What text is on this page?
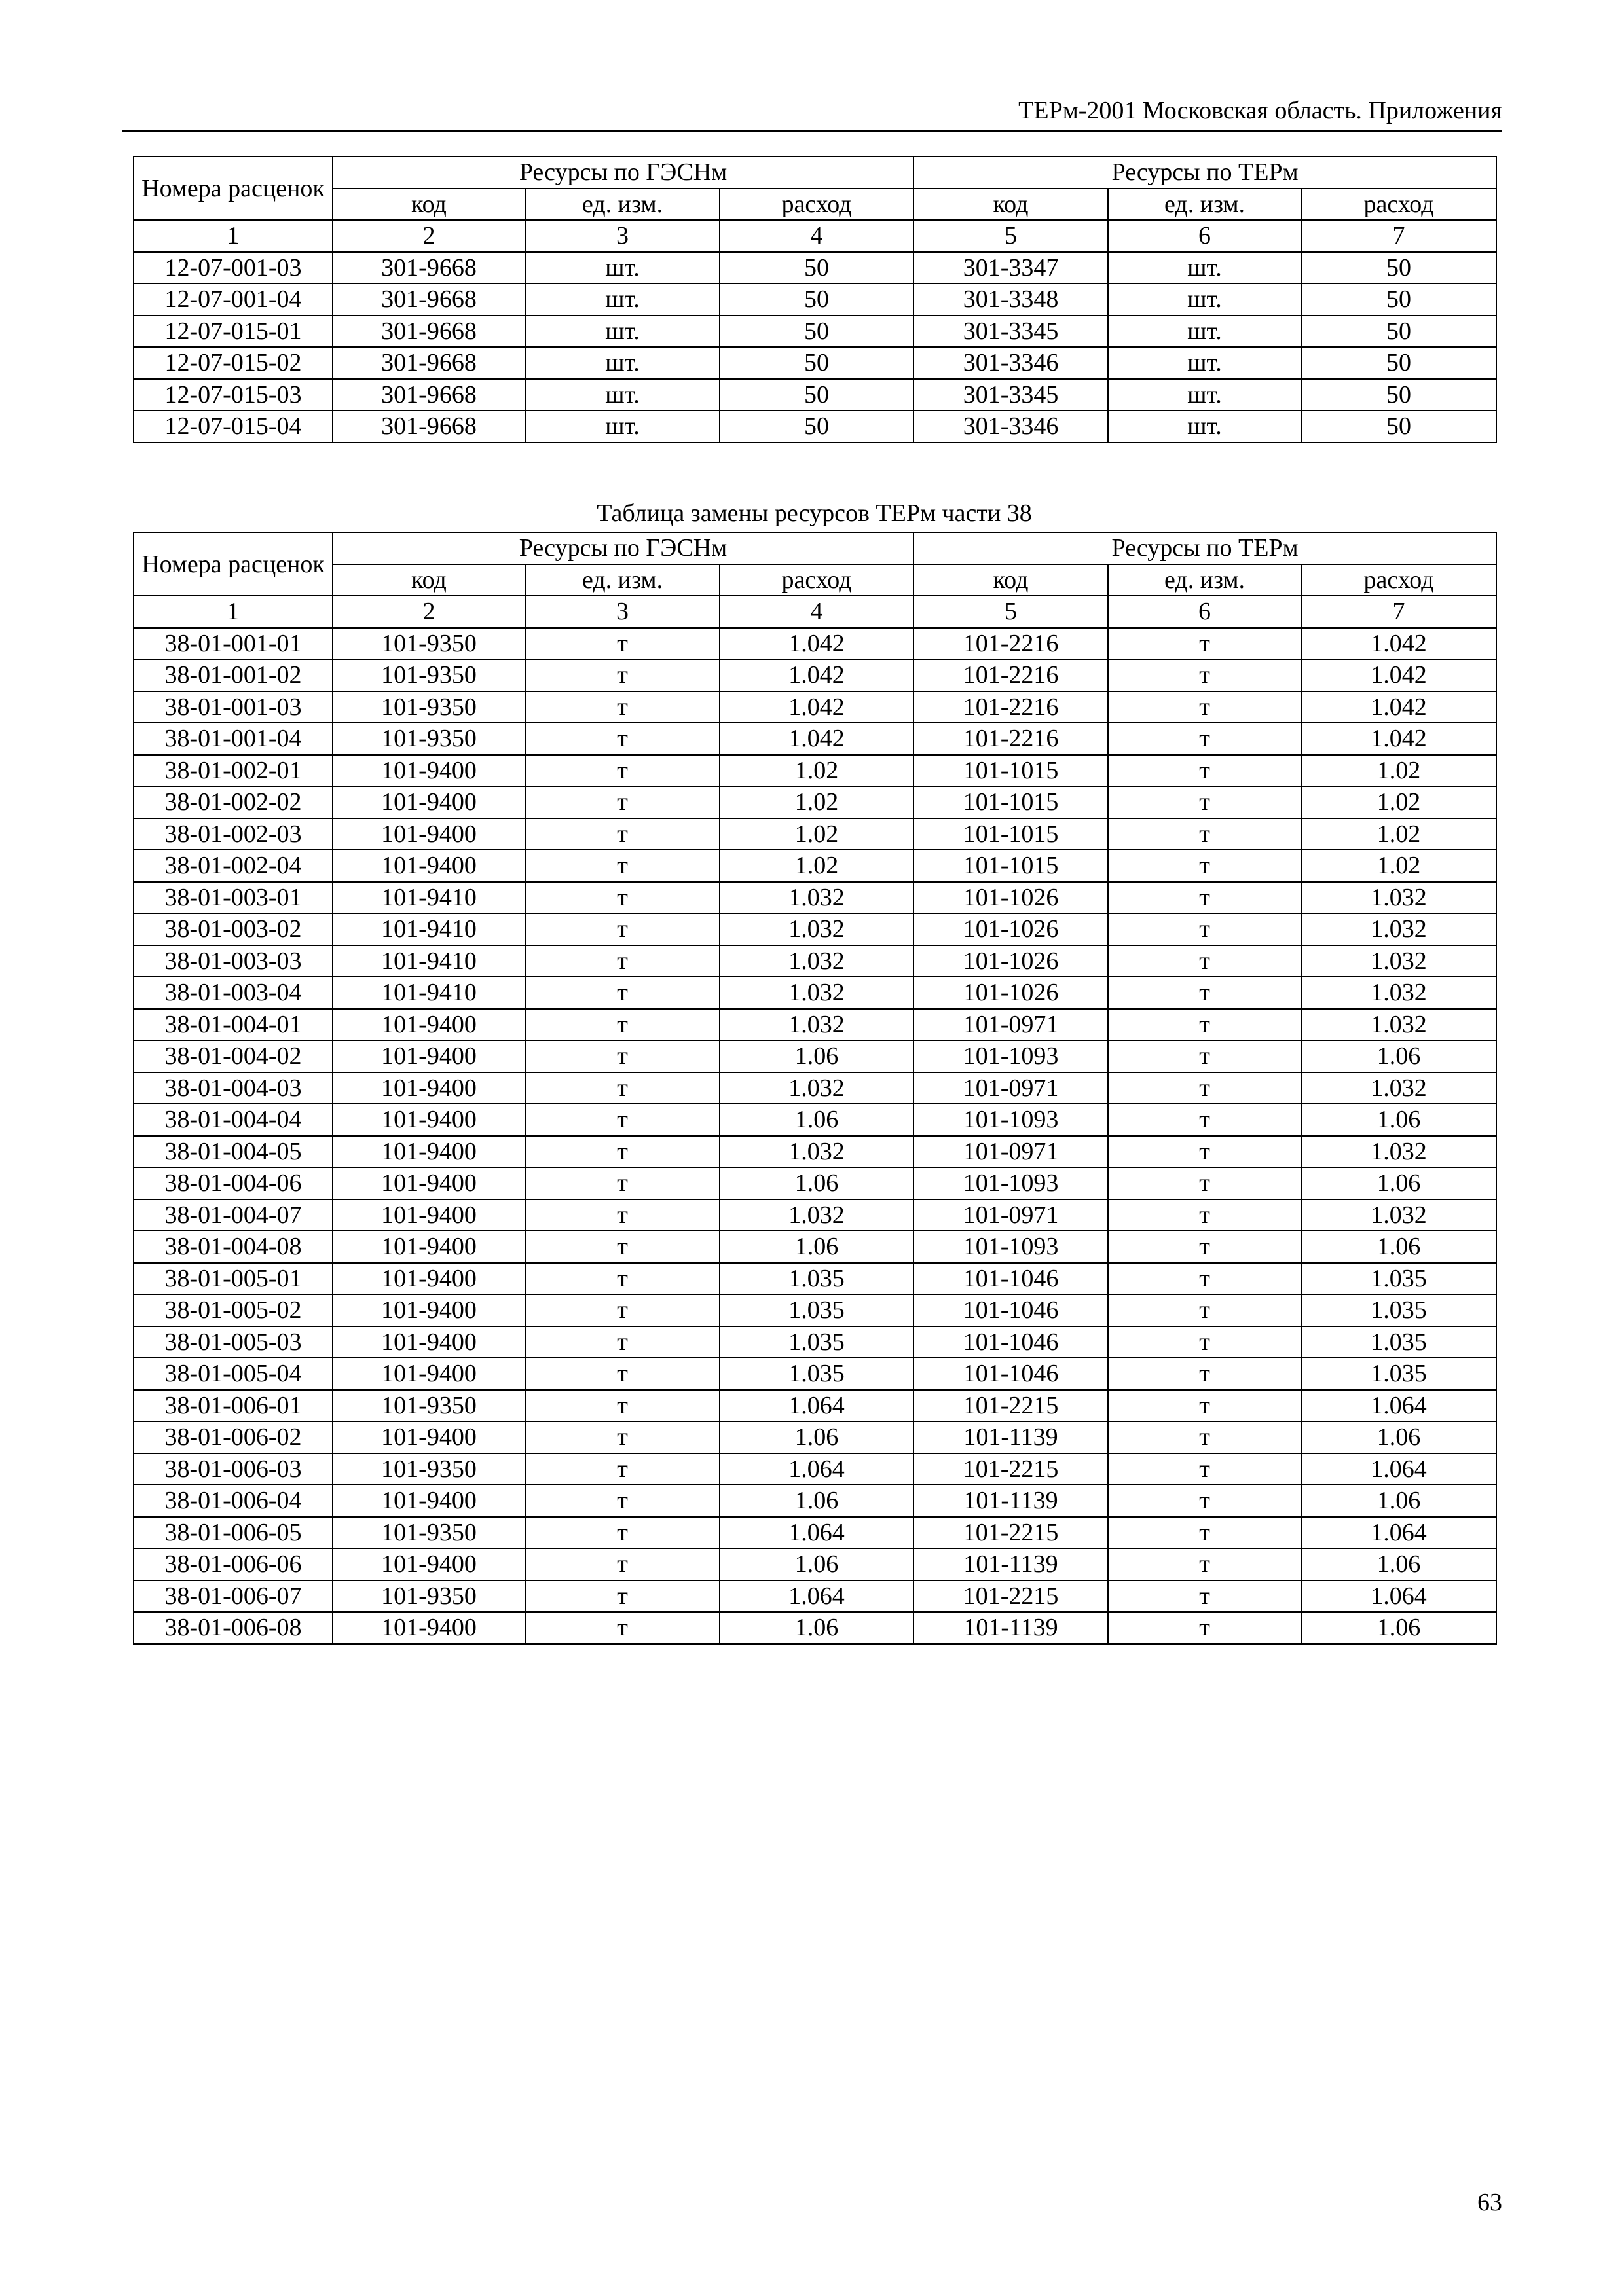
ТЕРм-2001 Московская область. Приложения
Номера расценок	Ресурсы по ГЭСНм			Ресурсы по ТЕРм		
	код	ед. изм.	расход	код	ед. изм.	расход
1	2	3	4	5	6	7
12-07-001-03	301-9668	шт.	50	301-3347	шт.	50
12-07-001-04	301-9668	шт.	50	301-3348	шт.	50
12-07-015-01	301-9668	шт.	50	301-3345	шт.	50
12-07-015-02	301-9668	шт.	50	301-3346	шт.	50
12-07-015-03	301-9668	шт.	50	301-3345	шт.	50
12-07-015-04	301-9668	шт.	50	301-3346	шт.	50
Таблица замены ресурсов ТЕРм части 38
Номера расценок	Ресурсы по ГЭСНм			Ресурсы по ТЕРм		
	код	ед. изм.	расход	код	ед. изм.	расход
1	2	3	4	5	6	7
38-01-001-01	101-9350	т	1.042	101-2216	т	1.042
38-01-001-02	101-9350	т	1.042	101-2216	т	1.042
38-01-001-03	101-9350	т	1.042	101-2216	т	1.042
38-01-001-04	101-9350	т	1.042	101-2216	т	1.042
38-01-002-01	101-9400	т	1.02	101-1015	т	1.02
38-01-002-02	101-9400	т	1.02	101-1015	т	1.02
38-01-002-03	101-9400	т	1.02	101-1015	т	1.02
38-01-002-04	101-9400	т	1.02	101-1015	т	1.02
38-01-003-01	101-9410	т	1.032	101-1026	т	1.032
38-01-003-02	101-9410	т	1.032	101-1026	т	1.032
38-01-003-03	101-9410	т	1.032	101-1026	т	1.032
38-01-003-04	101-9410	т	1.032	101-1026	т	1.032
38-01-004-01	101-9400	т	1.032	101-0971	т	1.032
38-01-004-02	101-9400	т	1.06	101-1093	т	1.06
38-01-004-03	101-9400	т	1.032	101-0971	т	1.032
38-01-004-04	101-9400	т	1.06	101-1093	т	1.06
38-01-004-05	101-9400	т	1.032	101-0971	т	1.032
38-01-004-06	101-9400	т	1.06	101-1093	т	1.06
38-01-004-07	101-9400	т	1.032	101-0971	т	1.032
38-01-004-08	101-9400	т	1.06	101-1093	т	1.06
38-01-005-01	101-9400	т	1.035	101-1046	т	1.035
38-01-005-02	101-9400	т	1.035	101-1046	т	1.035
38-01-005-03	101-9400	т	1.035	101-1046	т	1.035
38-01-005-04	101-9400	т	1.035	101-1046	т	1.035
38-01-006-01	101-9350	т	1.064	101-2215	т	1.064
38-01-006-02	101-9400	т	1.06	101-1139	т	1.06
38-01-006-03	101-9350	т	1.064	101-2215	т	1.064
38-01-006-04	101-9400	т	1.06	101-1139	т	1.06
38-01-006-05	101-9350	т	1.064	101-2215	т	1.064
38-01-006-06	101-9400	т	1.06	101-1139	т	1.06
38-01-006-07	101-9350	т	1.064	101-2215	т	1.064
38-01-006-08	101-9400	т	1.06	101-1139	т	1.06
63
